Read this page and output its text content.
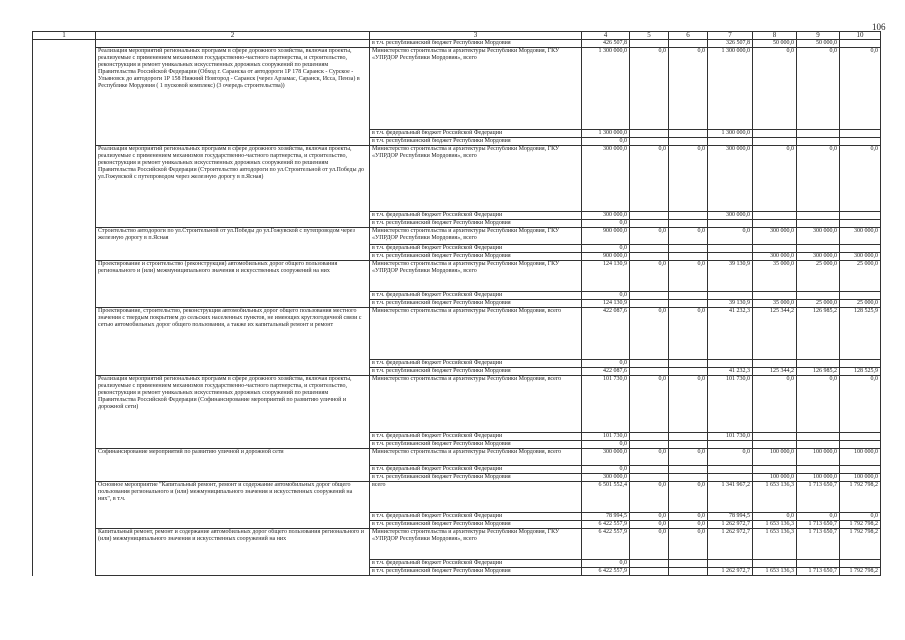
106
1	2	3	4	5	6	7	8	9	10
		в т.ч. республиканский бюджет Республики Мордовия	426 507,8			326 507,8	50 000,0	50 000,0	
	Реализация мероприятий региональных программ в сфере дорожного хозяйства, включая проекты, реализуемые с применением механизмов государственно-частного партнерства, и строительство, реконструкция и ремонт уникальных искусственных дорожных сооружений по решениям Правительства Российской Федерации (Обход г. Саранска от автодороги 1Р 178 Саранск - Сурское - Ульяновск до автодороги 1Р 158 Нижний Новгород - Саранск (через Арзамас, Саранск, Исса, Пенза) в Республике Мордовия ( 1 пусковой комплекс) (3 очередь строительства))	Министерство строительства и архитектуры Республики Мордовия, ГКУ «УПРДОР Республики Мордовия», всего	1 300 000,0	0,0	0,0	1 300 000,0	0,0	0,0	0,0
		в т.ч. федеральный бюджет Российской Федерации	1 300 000,0			1 300 000,0			
		в т.ч. республиканский бюджет Республики Мордовия	0,0						
	Реализация мероприятий региональных программ в сфере дорожного хозяйства, включая проекты, реализуемые с применением механизмов государственно-частного партнерства, и строительство, реконструкция и ремонт уникальных искусственных дорожных сооружений по решениям Правительства Российской Федерации (Строительство автодороги по ул.Строительной от ул.Победы до ул.Гожувской с путепроводом через железную дорогу в п.Ясная)	Министерство строительства и архитектуры Республики Мордовия, ГКУ «УПРДОР Республики Мордовия», всего	300 000,0	0,0	0,0	300 000,0	0,0	0,0	0,0
		в т.ч. федеральный бюджет Российской Федерации	300 000,0			300 000,0			
		в т.ч. республиканский бюджет Республики Мордовия	0,0						
	Строительство автодороги по ул.Строительной от ул.Победы до ул.Гожувской с путепроводом через железную дорогу в п.Ясная	Министерство строительства и архитектуры Республики Мордовия, ГКУ «УПРДОР Республики Мордовия», всего	900 000,0	0,0	0,0	0,0	300 000,0	300 000,0	300 000,0
		в т.ч. федеральный бюджет Российской Федерации	0,0						
		в т.ч. республиканский бюджет Республики Мордовия	900 000,0				300 000,0	300 000,0	300 000,0
	Проектирование и строительство (реконструкция) автомобильных дорог общего пользования регионального и (или) межмуниципального значения и искусственных сооружений на них	Министерство строительства и архитектуры Республики Мордовия, ГКУ «УПРДОР Республики Мордовия», всего	124 130,9	0,0	0,0	39 130,9	35 000,0	25 000,0	25 000,0
		в т.ч. федеральный бюджет Российской Федерации	0,0						
		в т.ч. республиканский бюджет Республики Мордовия	124 130,9			39 130,9	35 000,0	25 000,0	25 000,0
	Проектирование, строительство, реконструкция автомобильных дорог общего пользования местного значения с твердым покрытием до сельских населенных пунктов, не имеющих круглогодичной связи с сетью автомобильных дорог общего пользования, а также их капитальный ремонт и ремонт	Министерство строительства и архитектуры Республики Мордовия, всего	422 087,6	0,0	0,0	41 232,3	125 344,2	126 985,2	128 525,9
		в т.ч. федеральный бюджет Российской Федерации	0,0						
		в т.ч. республиканский бюджет Республики Мордовия	422 087,6			41 232,3	125 344,2	126 985,2	128 525,9
	Реализация мероприятий региональных программ в сфере дорожного хозяйства, включая проекты, реализуемые с применением механизмов государственно-частного партнерства, и строительство, реконструкция и ремонт уникальных искусственных дорожных сооружений по решениям Правительства Российской Федерации (Софинансирование мероприятий по развитию уличной и дорожной сети)	Министерство строительства и архитектуры Республики Мордовия, всего	101 730,0	0,0	0,0	101 730,0	0,0	0,0	0,0
		в т.ч. федеральный бюджет Российской Федерации	101 730,0			101 730,0			
		в т.ч. республиканский бюджет Республики Мордовия	0,0						
	Софинансирование мероприятий по развитию уличной и дорожной сети	Министерство строительства и архитектуры Республики Мордовия, всего	300 000,0	0,0	0,0	0,0	100 000,0	100 000,0	100 000,0
		в т.ч. федеральный бюджет Российской Федерации	0,0						
		в т.ч. республиканский бюджет Республики Мордовия	300 000,0				100 000,0	100 000,0	100 000,0
	Основное мероприятие "Капитальный ремонт, ремонт и содержание автомобильных дорог общего пользования регионального и (или) межмуниципального значения и искусственных сооружений на них", в т.ч.	всего	6 501 552,4	0,0	0,0	1 341 967,2	1 653 136,3	1 713 650,7	1 792 798,2
		в т.ч. федеральный бюджет Российской Федерации	78 994,5	0,0	0,0	78 994,5	0,0	0,0	0,0
		в т.ч. республиканский бюджет Республики Мордовия	6 422 557,9	0,0	0,0	1 262 972,7	1 653 136,3	1 713 650,7	1 792 798,2
	Капитальный ремонт, ремонт и содержание автомобильных дорог общего пользования регионального и (или) межмуниципального значения и искусственных сооружений на них	Министерство строительства и архитектуры Республики Мордовия, ГКУ «УПРДОР Республики Мордовия», всего	6 422 557,9	0,0	0,0	1 262 972,7	1 653 136,3	1 713 650,7	1 792 798,2
		в т.ч. федеральный бюджет Российской Федерации	0,0						
		в т.ч. республиканский бюджет Республики Мордовия	6 422 557,9			1 262 972,7	1 653 136,3	1 713 650,7	1 792 798,2
